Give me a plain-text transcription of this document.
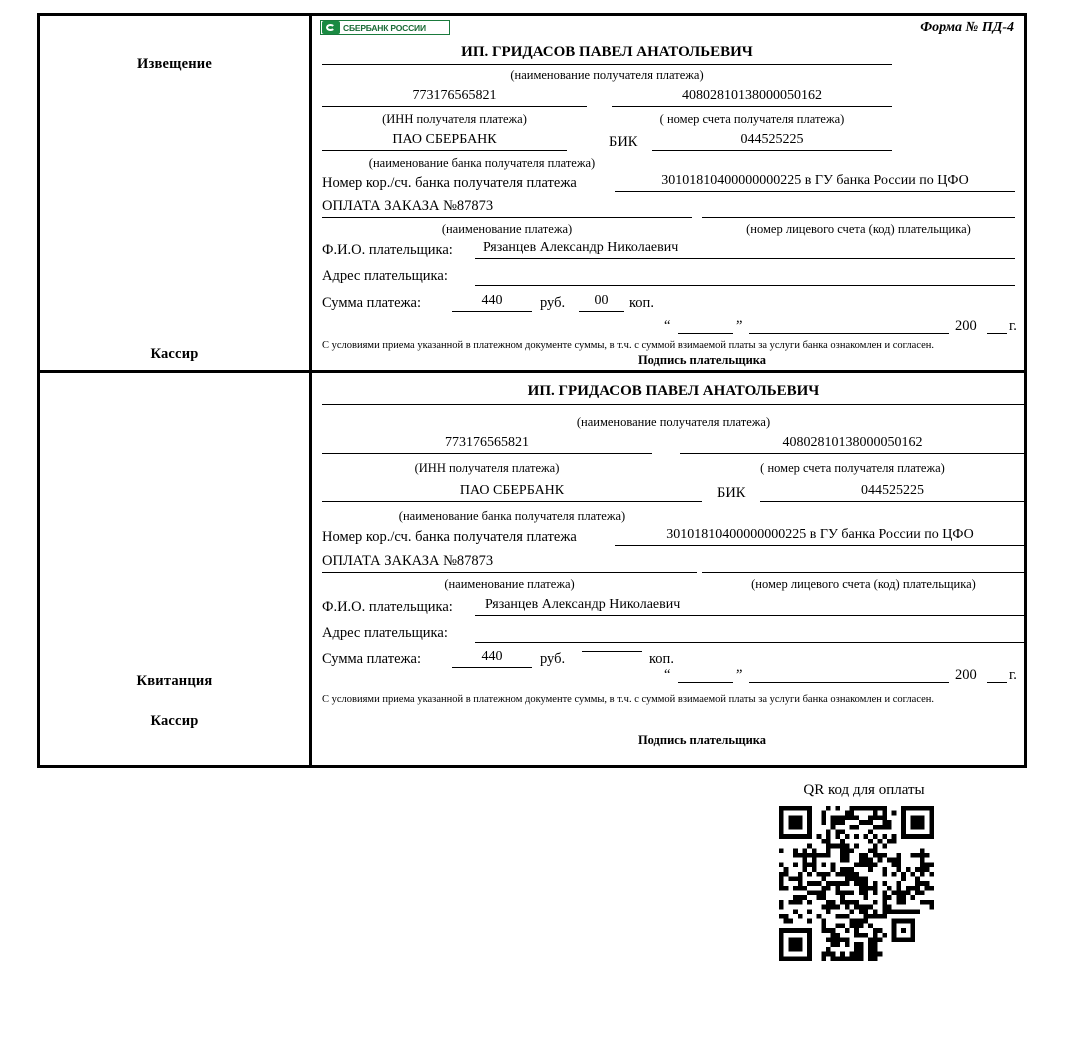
Извещение
Кассир
СБЕРБАНК РОССИИ	Форма № ПД-4
ИП. ГРИДАСОВ ПАВЕЛ АНАТОЛЬЕВИЧ
(наименование получателя платежа)
773176565821	40802810138000050162
(ИНН получателя платежа)	( номер счета получателя платежа)
ПАО СБЕРБАНК	БИК	044525225
(наименование банка получателя платежа)
Номер кор./сч. банка получателя платежа	30101810400000000225 в ГУ банка России по ЦФО
ОПЛАТА ЗАКАЗА №87873
(наименование платежа)	(номер лицевого счета (код) плательщика)
Ф.И.О. плательщика:	Рязанцев Александр Николаевич
Адрес плательщика:
Сумма платежа:	440	руб.	00	коп.
“	”	200 г.
С условиями приема указанной в платежном документе суммы, в т.ч. с суммой взимаемой платы за услуги банка ознакомлен и согласен.
Подпись плательщика
Квитанция
Кассир
ИП. ГРИДАСОВ ПАВЕЛ АНАТОЛЬЕВИЧ
(наименование получателя платежа)
773176565821	40802810138000050162
(ИНН получателя платежа)	( номер счета получателя платежа)
ПАО СБЕРБАНК	БИК	044525225
(наименование банка получателя платежа)
Номер кор./сч. банка получателя платежа	30101810400000000225 в ГУ банка России по ЦФО
ОПЛАТА ЗАКАЗА №87873
(наименование платежа)	(номер лицевого счета (код) плательщика)
Ф.И.О. плательщика:	Рязанцев Александр Николаевич
Адрес плательщика:
Сумма платежа:	440	руб.	коп.
“	”	200 г.
С условиями приема указанной в платежном документе суммы, в т.ч. с суммой взимаемой платы за услуги банка ознакомлен и согласен.
Подпись плательщика
QR код для оплаты
